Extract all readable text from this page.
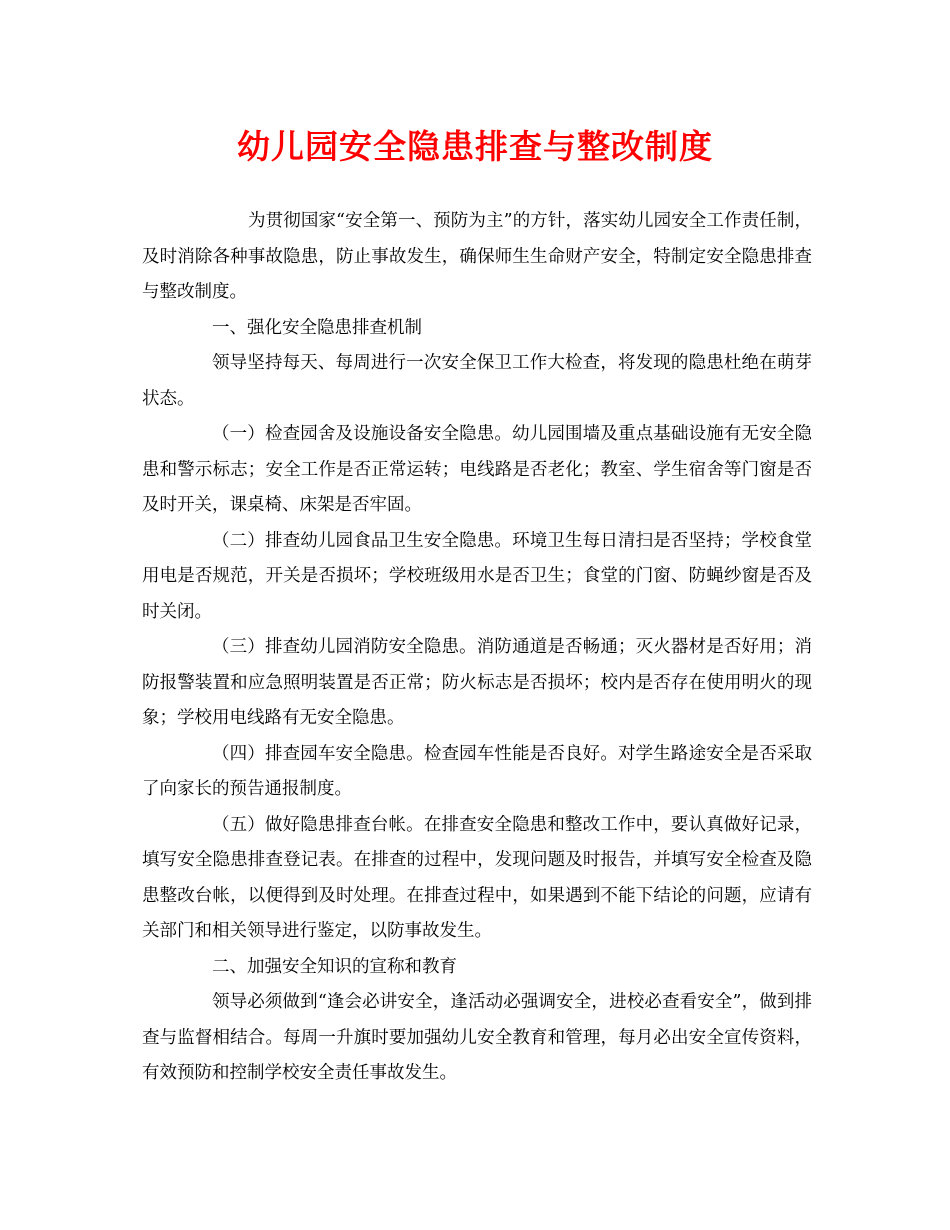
幼儿园安全隐患排查与整改制度

为贯彻国家“安全第一、预防为主”的方针，落实幼儿园安全工作责任制，及时消除各种事故隐患，防止事故发生，确保师生生命财产安全，特制定安全隐患排查与整改制度。

一、强化安全隐患排查机制

领导坚持每天、每周进行一次安全保卫工作大检查，将发现的隐患杜绝在萌芽状态。

（一）检查园舍及设施设备安全隐患。幼儿园围墙及重点基础设施有无安全隐患和警示标志；安全工作是否正常运转；电线路是否老化；教室、学生宿舍等门窗是否及时开关，课桌椅、床架是否牢固。

（二）排查幼儿园食品卫生安全隐患。环境卫生每日清扫是否坚持；学校食堂用电是否规范，开关是否损坏；学校班级用水是否卫生；食堂的门窗、防蝇纱窗是否及时关闭。

（三）排查幼儿园消防安全隐患。消防通道是否畅通；灭火器材是否好用；消防报警装置和应急照明装置是否正常；防火标志是否损坏；校内是否存在使用明火的现象；学校用电线路有无安全隐患。

（四）排查园车安全隐患。检查园车性能是否良好。对学生路途安全是否采取了向家长的预告通报制度。

（五）做好隐患排查台帐。在排查安全隐患和整改工作中，要认真做好记录，填写安全隐患排查登记表。在排查的过程中，发现问题及时报告，并填写安全检查及隐患整改台帐，以便得到及时处理。在排查过程中，如果遇到不能下结论的问题，应请有关部门和相关领导进行鉴定，以防事故发生。

二、加强安全知识的宣称和教育

领导必须做到“逢会必讲安全，逢活动必强调安全，进校必查看安全”，做到排查与监督相结合。每周一升旗时要加强幼儿安全教育和管理，每月必出安全宣传资料，有效预防和控制学校安全责任事故发生。
